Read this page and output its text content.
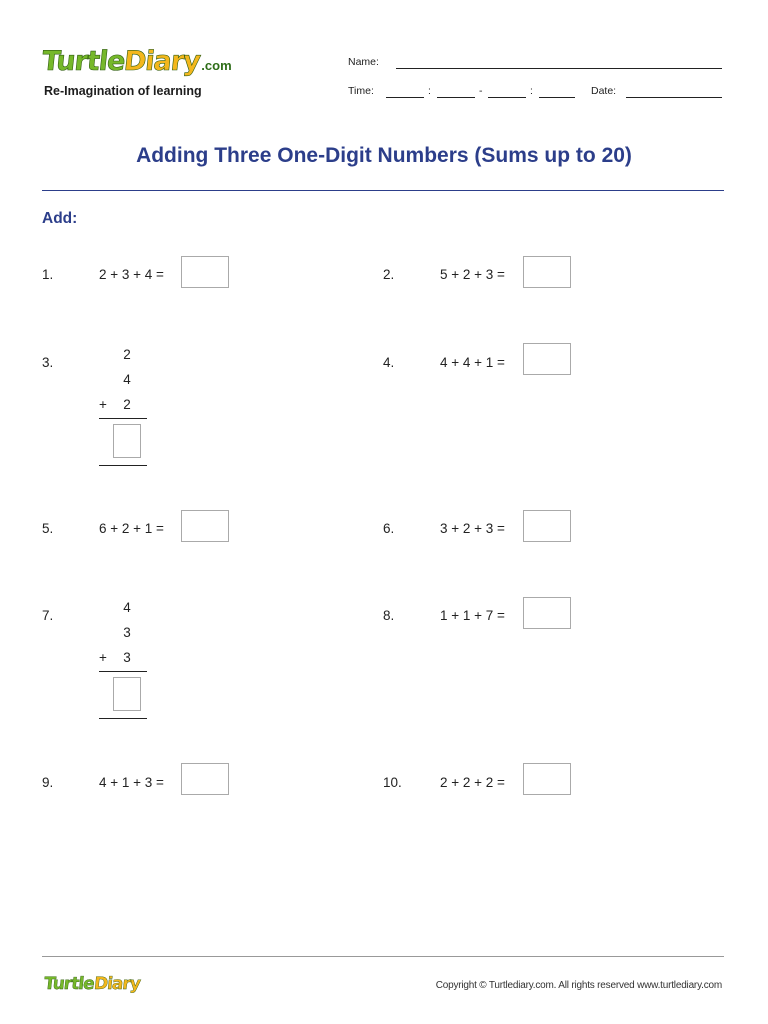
TurtleDiary.com
Re-Imagination of learning
Name:
Time:	:	-	:	Date:
Adding Three One-Digit Numbers (Sums up to 20)
Add:
1.	2 + 3 + 4 =	2.	5 + 2 + 3 =
3.
2
4
+ 2
4.	4 + 4 + 1 =
5.	6 + 2 + 1 =	6.	3 + 2 + 3 =
7.
4
3
+ 3
8.	1 + 1 + 7 =
9.	4 + 1 + 3 =	10.	2 + 2 + 2 =
TurtleDiary	Copyright © Turtlediary.com. All rights reserved www.turtlediary.com
